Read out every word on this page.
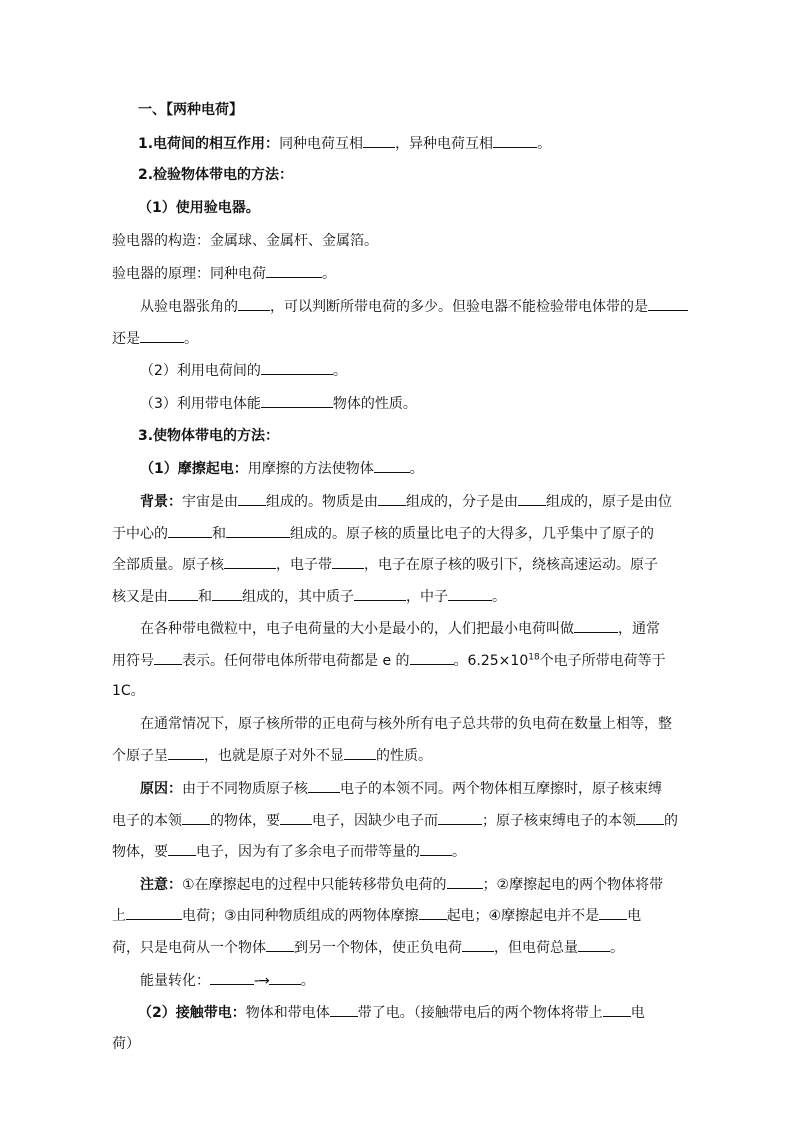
一、【两种电荷】
1.电荷间的相互作用：同种电荷互相 ，异种电荷互相	。
2.检验物体带电的方法：
（1）使用验电器。
验电器的构造：金属球、金属杆、金属箔。
验电器的原理：同种电荷	。
从验电器张角的 ，可以判断所带电荷的多少。但验电器不能检验带电体带的是
还是	。
（2）利用电荷间的	。
（3）利用带电体能	物体的性质。
3.使物体带电的方法：
（1）摩擦起电：用摩擦的方法使物体	。
背景：宇宙是由 组成的。物质是由 组成的，分子是由 组成的，原子是由位
于中心的	和	组成的。原子核的质量比电子的大得多，几乎集中了原子的
全部质量。原子核	，电子带 ，电子在原子核的吸引下，绕核高速运动。原子
核又是由 和 组成的，其中质子	，中子	。
在各种带电微粒中，电子电荷量的大小是最小的，人们把最小电荷叫做	，通常
用符号 表示。任何带电体所带电荷都是 e 的	。$6.25\times 10^{18}$个电子所带电荷等于
1C。
在通常情况下，原子核所带的正电荷与核外所有电子总共带的负电荷在数量上相等，整
个原子呈	，也就是原子对外不显 的性质。
原因：由于不同物质原子核 电子的本领不同。两个物体相互摩擦时，原子核束缚
电子的本领 的物体，要 电子，因缺少电子而	；原子核束缚电子的本领 的
物体，要 电子，因为有了多余电子而带等量的 。
注意：①在摩擦起电的过程中只能转移带负电荷的	；②摩擦起电的两个物体将带
上	电荷；③由同种物质组成的两物体摩擦 起电；④摩擦起电并不是 电
荷，只是电荷从一个物体 到另一个物体，使正负电荷 ，但电荷总量 。
能量转化：	-→ 。
（2）接触带电：物体和带电体 带了电。（接触带电后的两个物体将带上 电
荷）
